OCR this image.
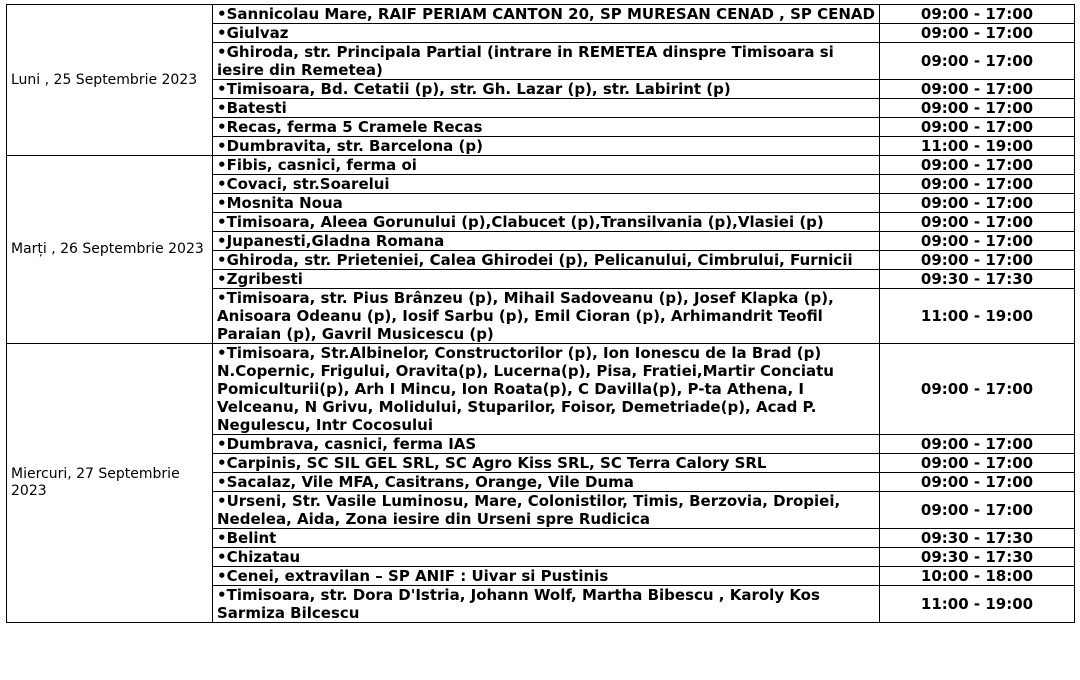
Luni , 25 Septembrie 2023	•Sannicolau Mare, RAIF PERIAM CANTON 20, SP MURESAN CENAD , SP CENAD	09:00 - 17:00
	•Giulvaz	09:00 - 17:00
	•Ghiroda, str. Principala Partial (intrare in REMETEA dinspre Timisoara si iesire din Remetea)	09:00 - 17:00
	•Timisoara, Bd. Cetatii (p), str. Gh. Lazar (p), str. Labirint (p)	09:00 - 17:00
	•Batesti	09:00 - 17:00
	•Recas, ferma 5 Cramele Recas	09:00 - 17:00
	•Dumbravita, str. Barcelona (p)	11:00 - 19:00

Marți , 26 Septembrie 2023	•Fibis, casnici, ferma oi	09:00 - 17:00
	•Covaci, str.Soarelui	09:00 - 17:00
	•Mosnita Noua	09:00 - 17:00
	•Timisoara, Aleea Gorunului (p),Clabucet (p),Transilvania (p),Vlasiei (p)	09:00 - 17:00
	•Jupanesti,Gladna Romana	09:00 - 17:00
	•Ghiroda, str. Prieteniei, Calea Ghirodei (p), Pelicanului, Cimbrului, Furnicii	09:00 - 17:00
	•Zgribesti	09:30 - 17:30
	•Timisoara, str. Pius Brânzeu (p), Mihail Sadoveanu (p), Josef Klapka (p), Anisoara Odeanu (p), Iosif Sarbu (p), Emil Cioran (p), Arhimandrit Teofil Paraian (p), Gavril Musicescu (p)	11:00 - 19:00

Miercuri, 27 Septembrie 2023	•Timisoara, Str.Albinelor, Constructorilor (p), Ion Ionescu de la Brad (p) N.Copernic, Frigului, Oravita(p), Lucerna(p), Pisa, Fratiei,Martir Conciatu Pomiculturii(p), Arh I Mincu, Ion Roata(p), C Davilla(p), P-ta Athena, I Velceanu, N Grivu, Molidului, Stuparilor, Foisor, Demetriade(p), Acad P. Negulescu, Intr Cocosului	09:00 - 17:00
	•Dumbrava, casnici, ferma IAS	09:00 - 17:00
	•Carpinis, SC SIL GEL SRL, SC Agro Kiss SRL, SC Terra Calory SRL	09:00 - 17:00
	•Sacalaz, Vile MFA, Casitrans, Orange, Vile Duma	09:00 - 17:00
	•Urseni, Str. Vasile Luminosu, Mare, Colonistilor, Timis, Berzovia, Dropiei, Nedelea, Aida, Zona iesire din Urseni spre Rudicica	09:00 - 17:00
	•Belint	09:30 - 17:30
	•Chizatau	09:30 - 17:30
	•Cenei, extravilan – SP ANIF : Uivar si Pustinis	10:00 - 18:00
	•Timisoara, str. Dora D'Istria, Johann Wolf, Martha Bibescu , Karoly Kos Sarmiza Bilcescu	11:00 - 19:00
